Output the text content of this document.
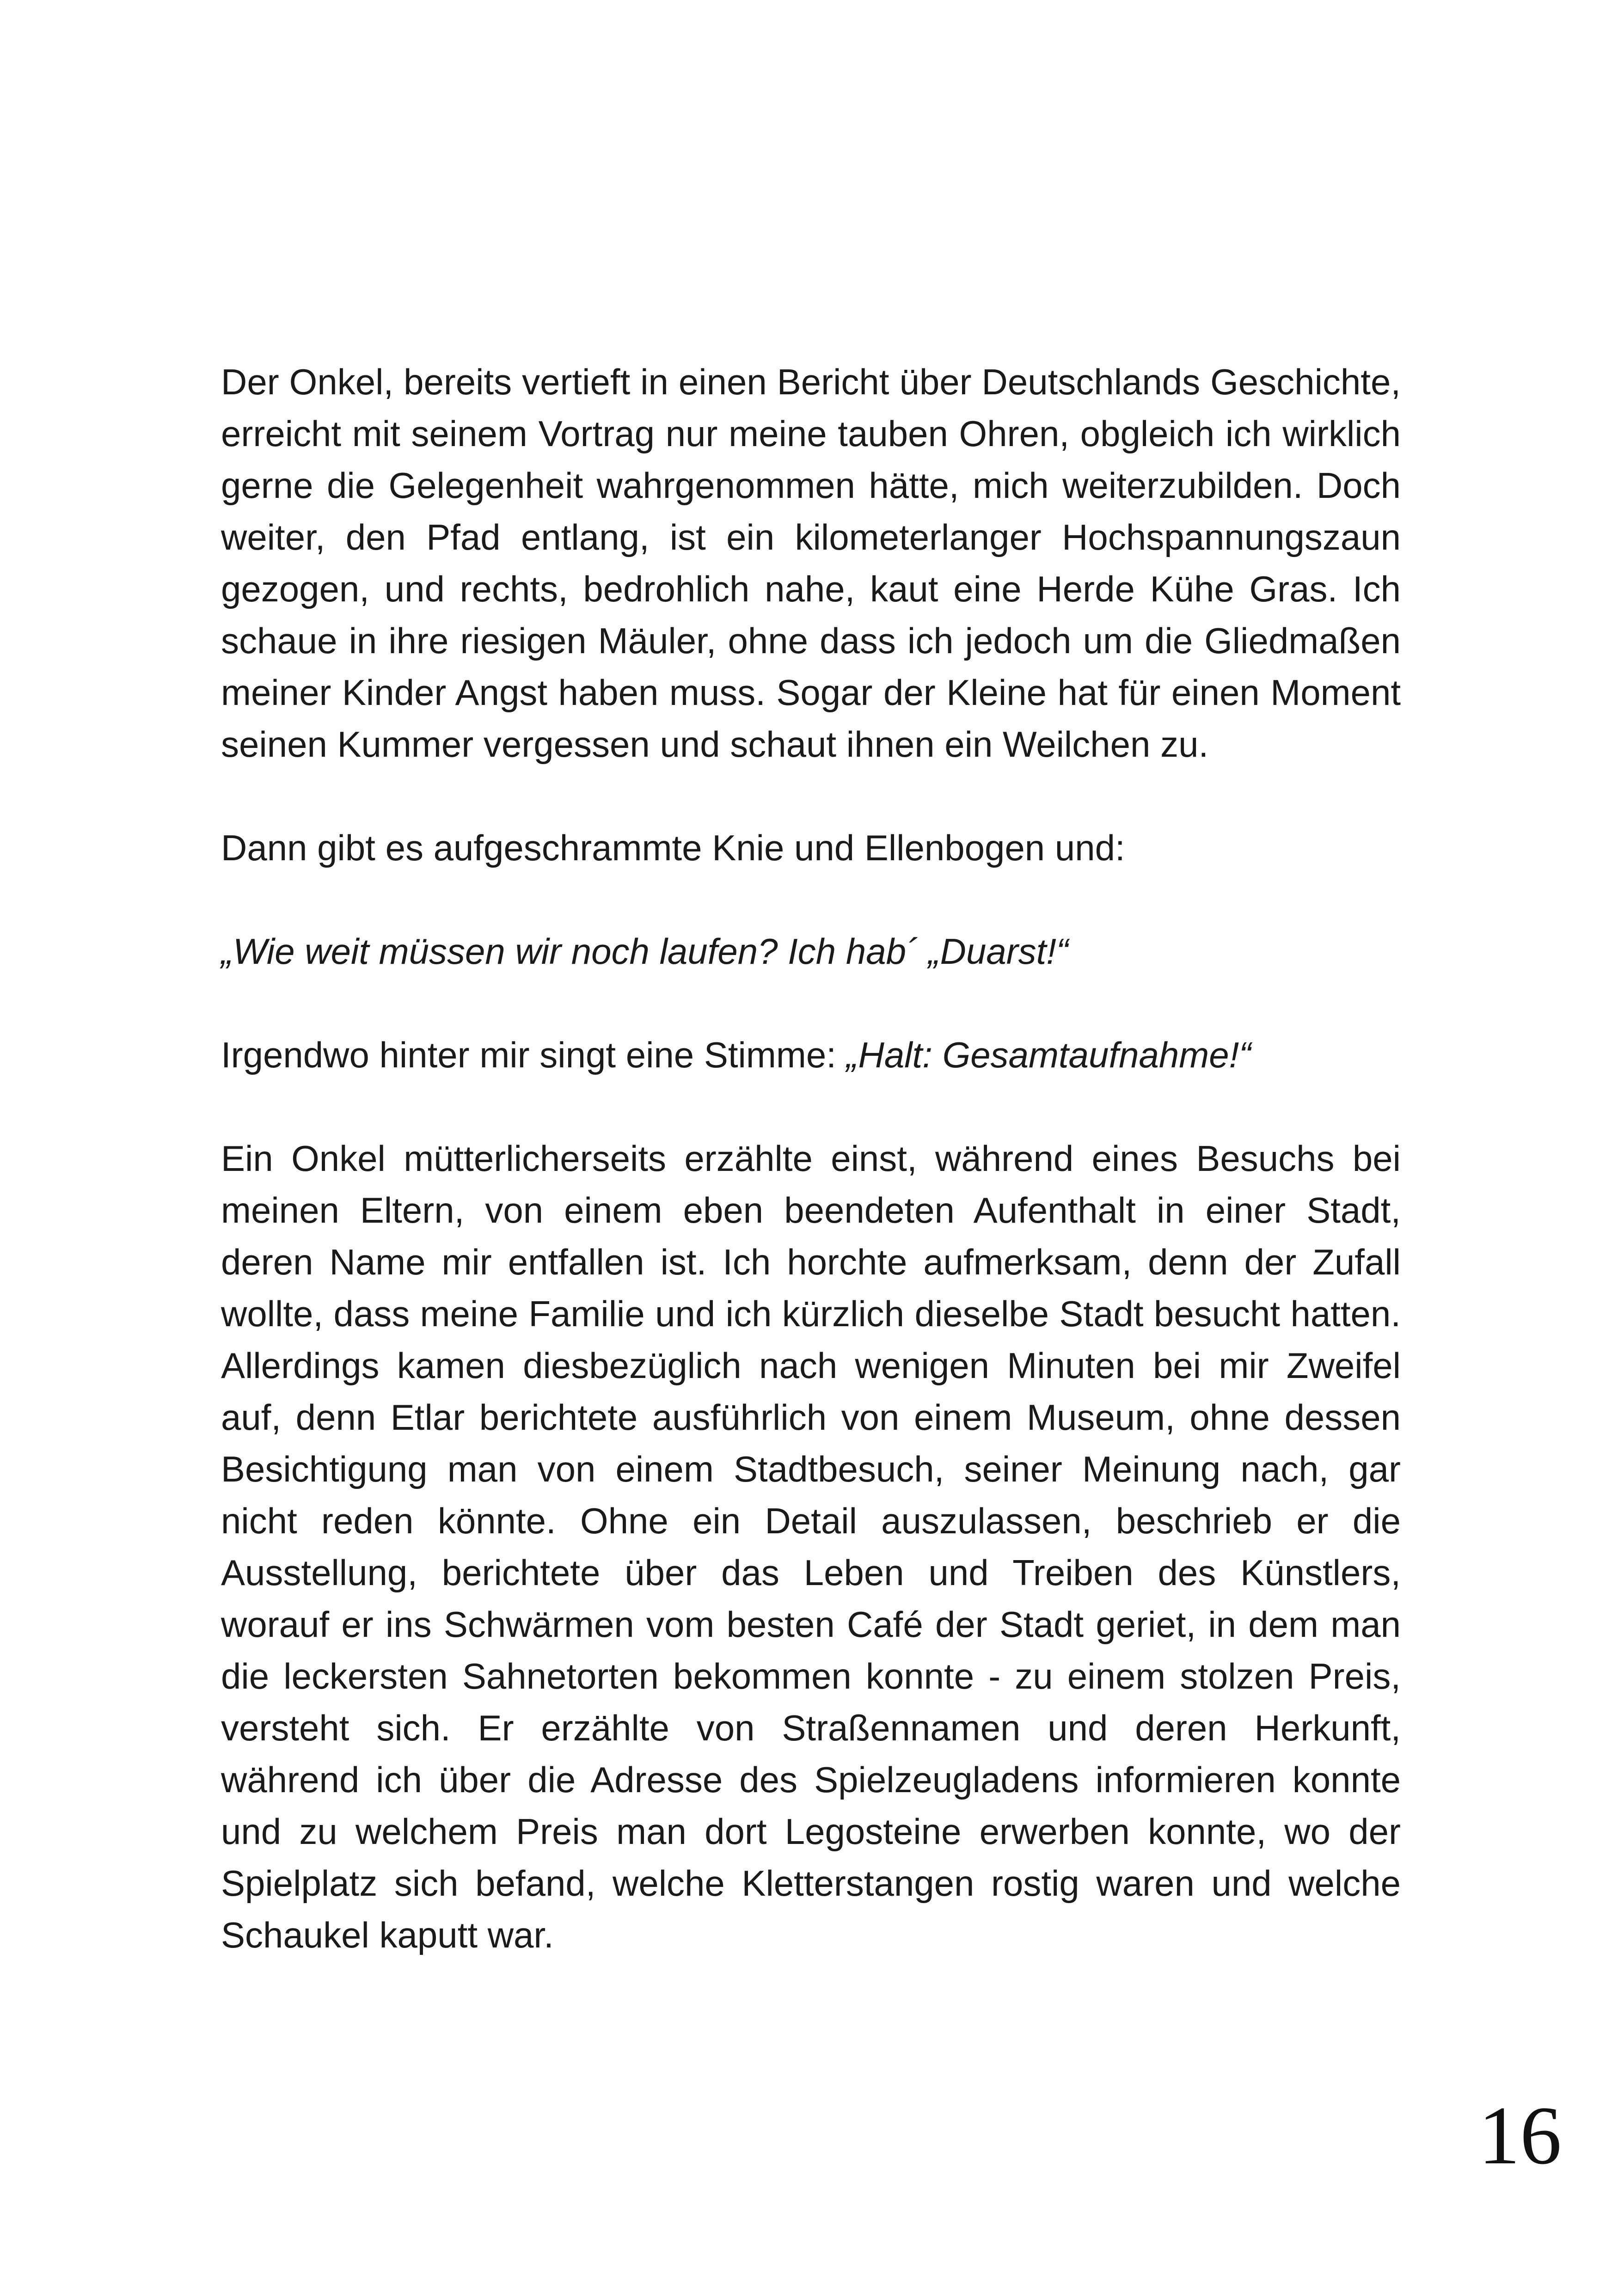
Der Onkel, bereits vertieft in einen Bericht über Deutschlands Geschichte, erreicht mit seinem Vortrag nur meine tauben Ohren, obgleich ich wirklich gerne die Gelegenheit wahrgenommen hätte, mich weiterzubilden. Doch weiter, den Pfad entlang, ist ein kilometerlanger Hochspannungszaun gezogen, und rechts, bedrohlich nahe, kaut eine Herde Kühe Gras. Ich schaue in ihre riesigen Mäuler, ohne dass ich jedoch um die Gliedmaßen meiner Kinder Angst haben muss. Sogar der Kleine hat für einen Moment seinen Kummer vergessen und schaut ihnen ein Weilchen zu.

Dann gibt es aufgeschrammte Knie und Ellenbogen und:

„Wie weit müssen wir noch laufen? Ich hab´ „Duarst!“

Irgendwo hinter mir singt eine Stimme: „Halt: Gesamtaufnahme!“

Ein Onkel mütterlicherseits erzählte einst, während eines Besuchs bei meinen Eltern, von einem eben beendeten Aufenthalt in einer Stadt, deren Name mir entfallen ist. Ich horchte aufmerksam, denn der Zufall wollte, dass meine Familie und ich kürzlich dieselbe Stadt besucht hatten. Allerdings kamen diesbezüglich nach wenigen Minuten bei mir Zweifel auf, denn Etlar berichtete ausführlich von einem Museum, ohne dessen Besichtigung man von einem Stadtbesuch, seiner Meinung nach, gar nicht reden könnte. Ohne ein Detail auszulassen, beschrieb er die Ausstellung, berichtete über das Leben und Treiben des Künstlers, worauf er ins Schwärmen vom besten Café der Stadt geriet, in dem man die leckersten Sahnetorten bekommen konnte - zu einem stolzen Preis, versteht sich. Er erzählte von Straßennamen und deren Herkunft, während ich über die Adresse des Spielzeugladens informieren konnte und zu welchem Preis man dort Legosteine erwerben konnte, wo der Spielplatz sich befand, welche Kletterstangen rostig waren und welche Schaukel kaputt war.

16
